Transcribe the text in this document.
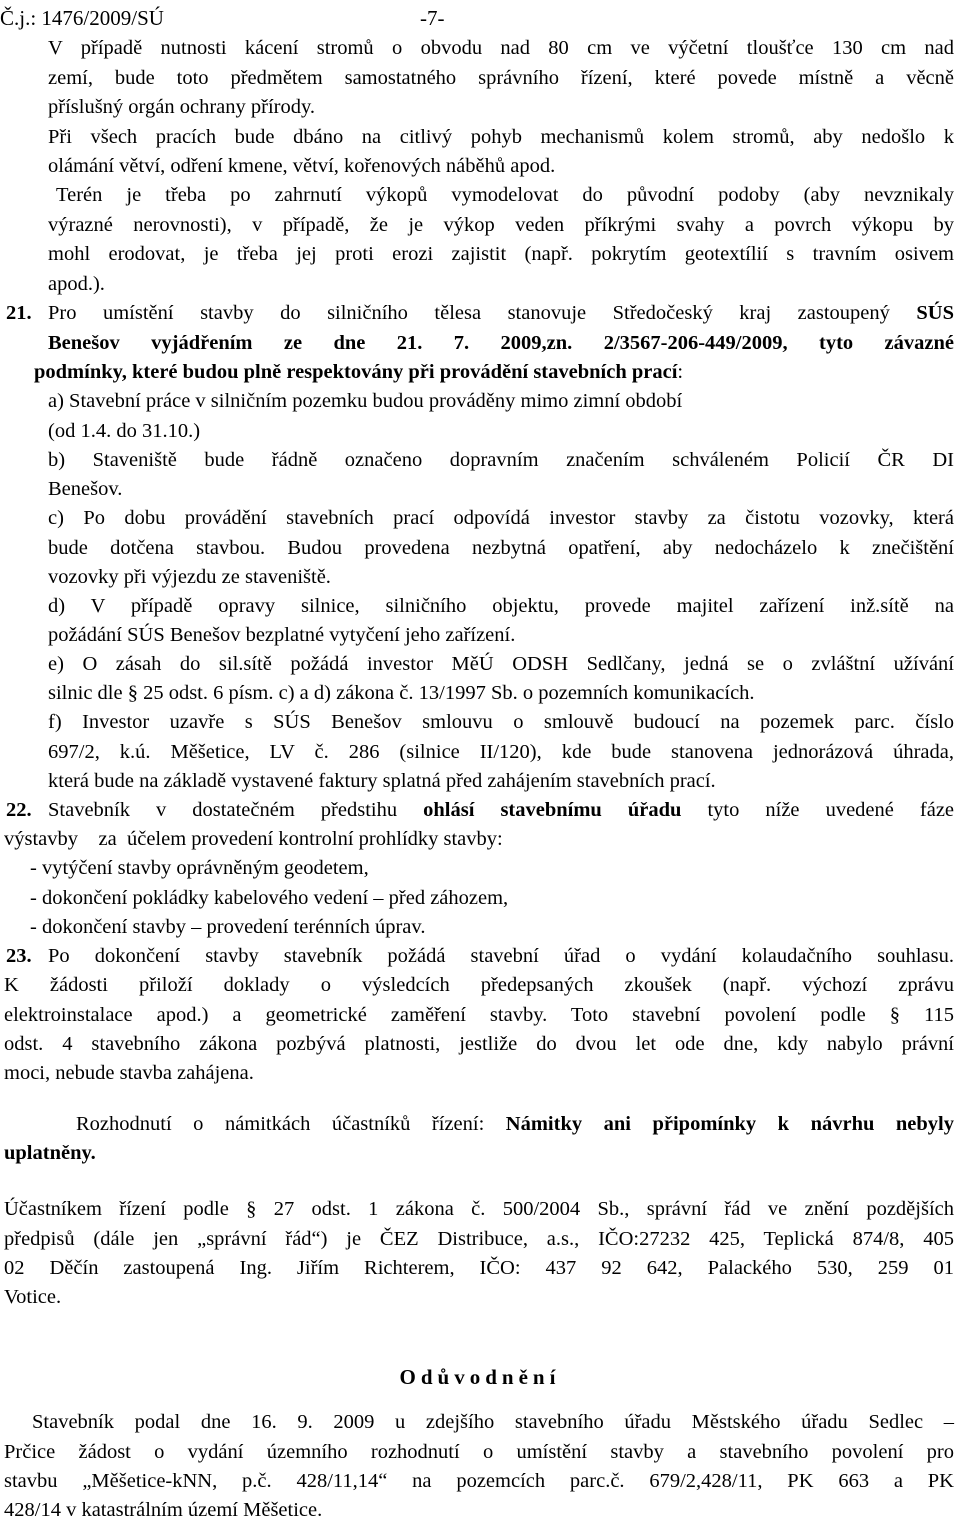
Č.j.: 1476/2009/SÚ	-7-
V případě nutnosti kácení stromů o obvodu nad 80 cm ve výčetní tloušťce 130 cm nad
zemí, bude toto předmětem samostatného správního řízení, které povede místně a věcně
příslušný orgán ochrany přírody.
Při všech pracích bude dbáno na citlivý pohyb mechanismů kolem stromů, aby nedošlo k
olámání větví, odření kmene, větví, kořenových náběhů apod.
Terén je třeba po zahrnutí výkopů vymodelovat do původní podoby (aby nevznikaly
výrazné nerovnosti), v případě, že je výkop veden příkrými svahy a povrch výkopu by
mohl erodovat, je třeba jej proti erozi zajistit (např. pokrytím geotextílií s travním osivem
apod.).
21. Pro umístění stavby do silničního tělesa stanovuje Středočeský kraj zastoupený SÚS
Benešov vyjádřením ze dne 21. 7. 2009,zn. 2/3567-206-449/2009, tyto závazné
podmínky, které budou plně respektovány při provádění stavebních prací:
a) Stavební práce v silničním pozemku budou prováděny mimo zimní období
(od 1.4. do 31.10.)
b) Staveniště bude řádně označeno dopravním značením schváleném Policií ČR DI
Benešov.
c) Po dobu provádění stavebních prací odpovídá investor stavby za čistotu vozovky, která
bude dotčena stavbou. Budou provedena nezbytná opatření, aby nedocházelo k znečištění
vozovky při výjezdu ze staveniště.
d) V případě opravy silnice, silničního objektu, provede majitel zařízení inž.sítě na
požádání SÚS Benešov bezplatné vytyčení jeho zařízení.
e) O zásah do sil.sítě požádá investor MěÚ ODSH Sedlčany, jedná se o zvláštní užívání
silnic dle § 25 odst. 6 písm. c) a d) zákona č. 13/1997 Sb. o pozemních komunikacích.
f) Investor uzavře s SÚS Benešov smlouvu o smlouvě budoucí na pozemek parc. číslo
697/2, k.ú. Měšetice, LV č. 286 (silnice II/120), kde bude stanovena jednorázová úhrada,
která bude na základě vystavené faktury splatná před zahájením stavebních prací.
22. Stavebník v dostatečném předstihu ohlásí stavebnímu úřadu tyto níže uvedené fáze
výstavby    za  účelem provedení kontrolní prohlídky stavby:
- vytýčení stavby oprávněným geodetem,
- dokončení pokládky kabelového vedení – před záhozem,
- dokončení stavby – provedení terénních úprav.
23. Po dokončení stavby stavebník požádá stavební úřad o vydání kolaudačního souhlasu.
K žádosti přiloží doklady o výsledcích předepsaných zkoušek (např. výchozí zprávu
elektroinstalace apod.) a geometrické zaměření stavby. Toto stavební povolení podle § 115
odst. 4 stavebního zákona pozbývá platnosti, jestliže do dvou let ode dne, kdy nabylo právní
moci, nebude stavba zahájena.
Rozhodnutí o námitkách účastníků řízení: Námitky ani připomínky k návrhu nebyly
uplatněny.
Účastníkem řízení podle § 27 odst. 1 zákona č. 500/2004 Sb., správní řád ve znění pozdějších
předpisů (dále jen „správní řád“) je ČEZ Distribuce, a.s., IČO:27232 425, Teplická 874/8, 405
02 Děčín zastoupená Ing. Jiřím Richterem, IČO: 437 92 642, Palackého 530, 259 01
Votice.
Odůvodnění
Stavebník podal dne 16. 9. 2009 u zdejšího stavebního úřadu Městského úřadu Sedlec –
Prčice žádost o vydání územního rozhodnutí o umístění stavby a stavebního povolení pro
stavbu „Měšetice-kNN, p.č. 428/11,14“ na pozemcích parc.č. 679/2,428/11, PK 663 a PK
428/14 v katastrálním území Měšetice.
